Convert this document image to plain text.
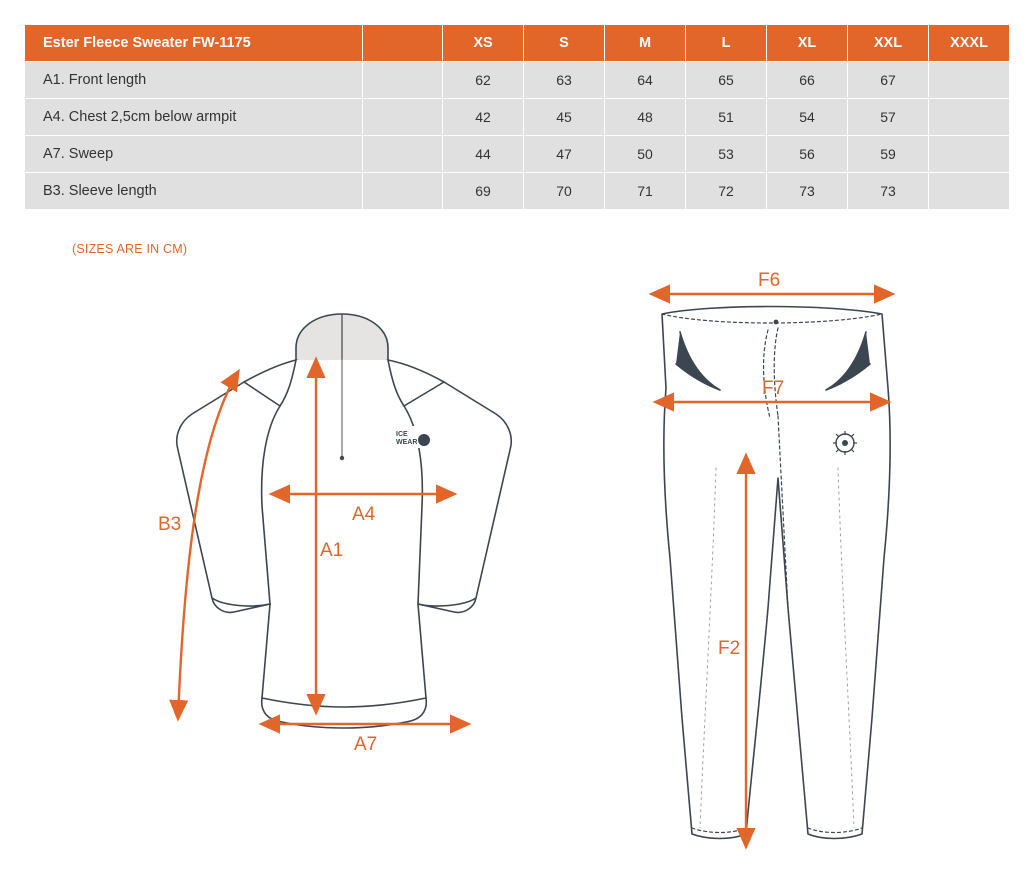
Ester Fleece Sweater FW-1175		XS	S	M	L	XL	XXL	XXXL
A1. Front length		62	63	64	65	66	67	
A4. Chest 2,5cm below armpit		42	45	48	51	54	57	
A7. Sweep		44	47	50	53	56	59	
B3. Sleeve length		69	70	71	72	73	73	
(SIZES ARE IN CM)
ICE
WEAR
B3	A4
A1
A7
F6
F7
F2
